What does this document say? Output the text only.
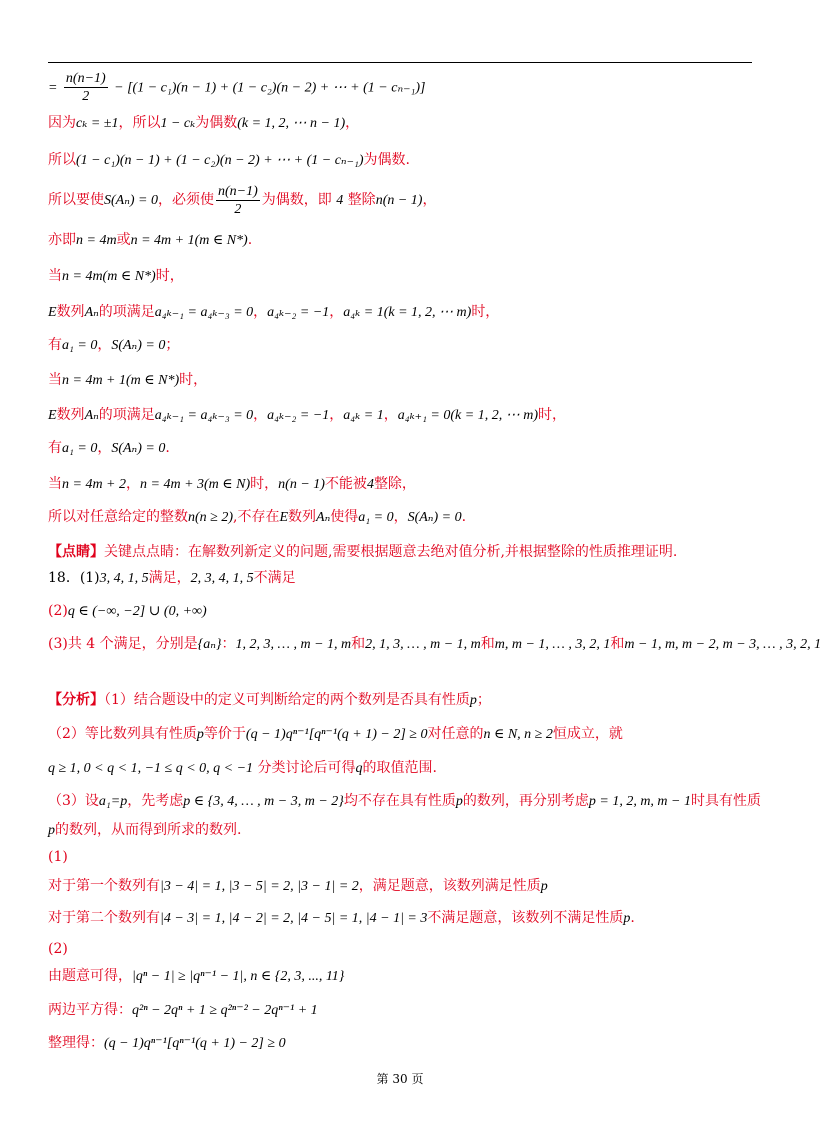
= $\frac{n(n-1)}{2} - [(1 - c_1)(n - 1) + (1 - c_2)(n - 2)$ + ⋯ + (1 − cₙ₋₁)]
因为cₖ = ±1，所以1 − cₖ为偶数(k = 1, 2, ⋯ n − 1)，
所以(1 − c₁)(n − 1) + (1 − c₂)(n − 2) + ⋯ + (1 − cₙ₋₁)为偶数.
所以要使S(Aₙ) = 0，必须使 $\frac{n(n-1)}{2}$ 为偶数，即 4 整除n(n − 1)，
亦即n = 4m或n = 4m + 1(m ∈ N*).
当n = 4m(m ∈ N*)时，
E数列Aₙ的项满足a₄ₖ₋₁ = a₄ₖ₋₃ = 0，a₄ₖ₋₂ = −1，a₄ₖ = 1(k = 1, 2, ⋯ m)时，
有a₁ = 0，S(Aₙ) = 0；
当n = 4m + 1(m ∈ N*)时，
E数列Aₙ的项满足a₄ₖ₋₁ = a₄ₖ₋₃ = 0，a₄ₖ₋₂ = −1，a₄ₖ = 1，a₄ₖ₊₁ = 0(k = 1, 2, ⋯ m)时，
有a₁ = 0，S(Aₙ) = 0.
当n = 4m + 2，n = 4m + 3(m ∈ N)时，n(n − 1)不能被4整除，
所以对任意给定的整数n(n ≥ 2),不存在E数列Aₙ使得a₁ = 0，S(Aₙ) = 0.
【点睛】关键点点睛：在解数列新定义的问题,需要根据题意去绝对值分析,并根据整除的性质推理证明.
18．(1)3, 4, 1, 5满足，2, 3, 4, 1, 5不满足
(2)q ∈ (−∞, −2] ∪ (0, +∞)
(3)共 4 个满足，分别是{aₙ}：1, 2, 3, … , m − 1, m和2, 1, 3, … , m − 1, m和m, m − 1, … , 3, 2, 1和m − 1, m, m − 2, m − 3, … , 3, 2, 1
【分析】（1）结合题设中的定义可判断给定的两个数列是否具有性质p；
（2）等比数列具有性质p等价于(q − 1)qⁿ⁻¹[qⁿ⁻¹(q + 1) − 2] ≥ 0对任意的n ∈ N, n ≥ 2恒成立，就
q ≥ 1, 0 < q < 1, −1 ≤ q < 0, q < −1 分类讨论后可得q的取值范围.
（3）设a₁=p，先考虑p ∈ {3, 4, … , m − 3, m − 2}均不存在具有性质p的数列，再分别考虑p = 1, 2, m, m − 1时具有性质
p的数列，从而得到所求的数列.
(1)
对于第一个数列有|3 − 4| = 1, |3 − 5| = 2, |3 − 1| = 2，满足题意，该数列满足性质p
对于第二个数列有|4 − 3| = 1, |4 − 2| = 2, |4 − 5| = 1, |4 − 1| = 3不满足题意，该数列不满足性质p.
(2)
由题意可得，|qⁿ − 1| ≥ |qⁿ⁻¹ − 1|, n ∈ {2, 3, ..., 11}
两边平方得：q²ⁿ − 2qⁿ + 1 ≥ q²ⁿ⁻² − 2qⁿ⁻¹ + 1
整理得：(q − 1)qⁿ⁻¹[qⁿ⁻¹(q + 1) − 2] ≥ 0
第 30 页
